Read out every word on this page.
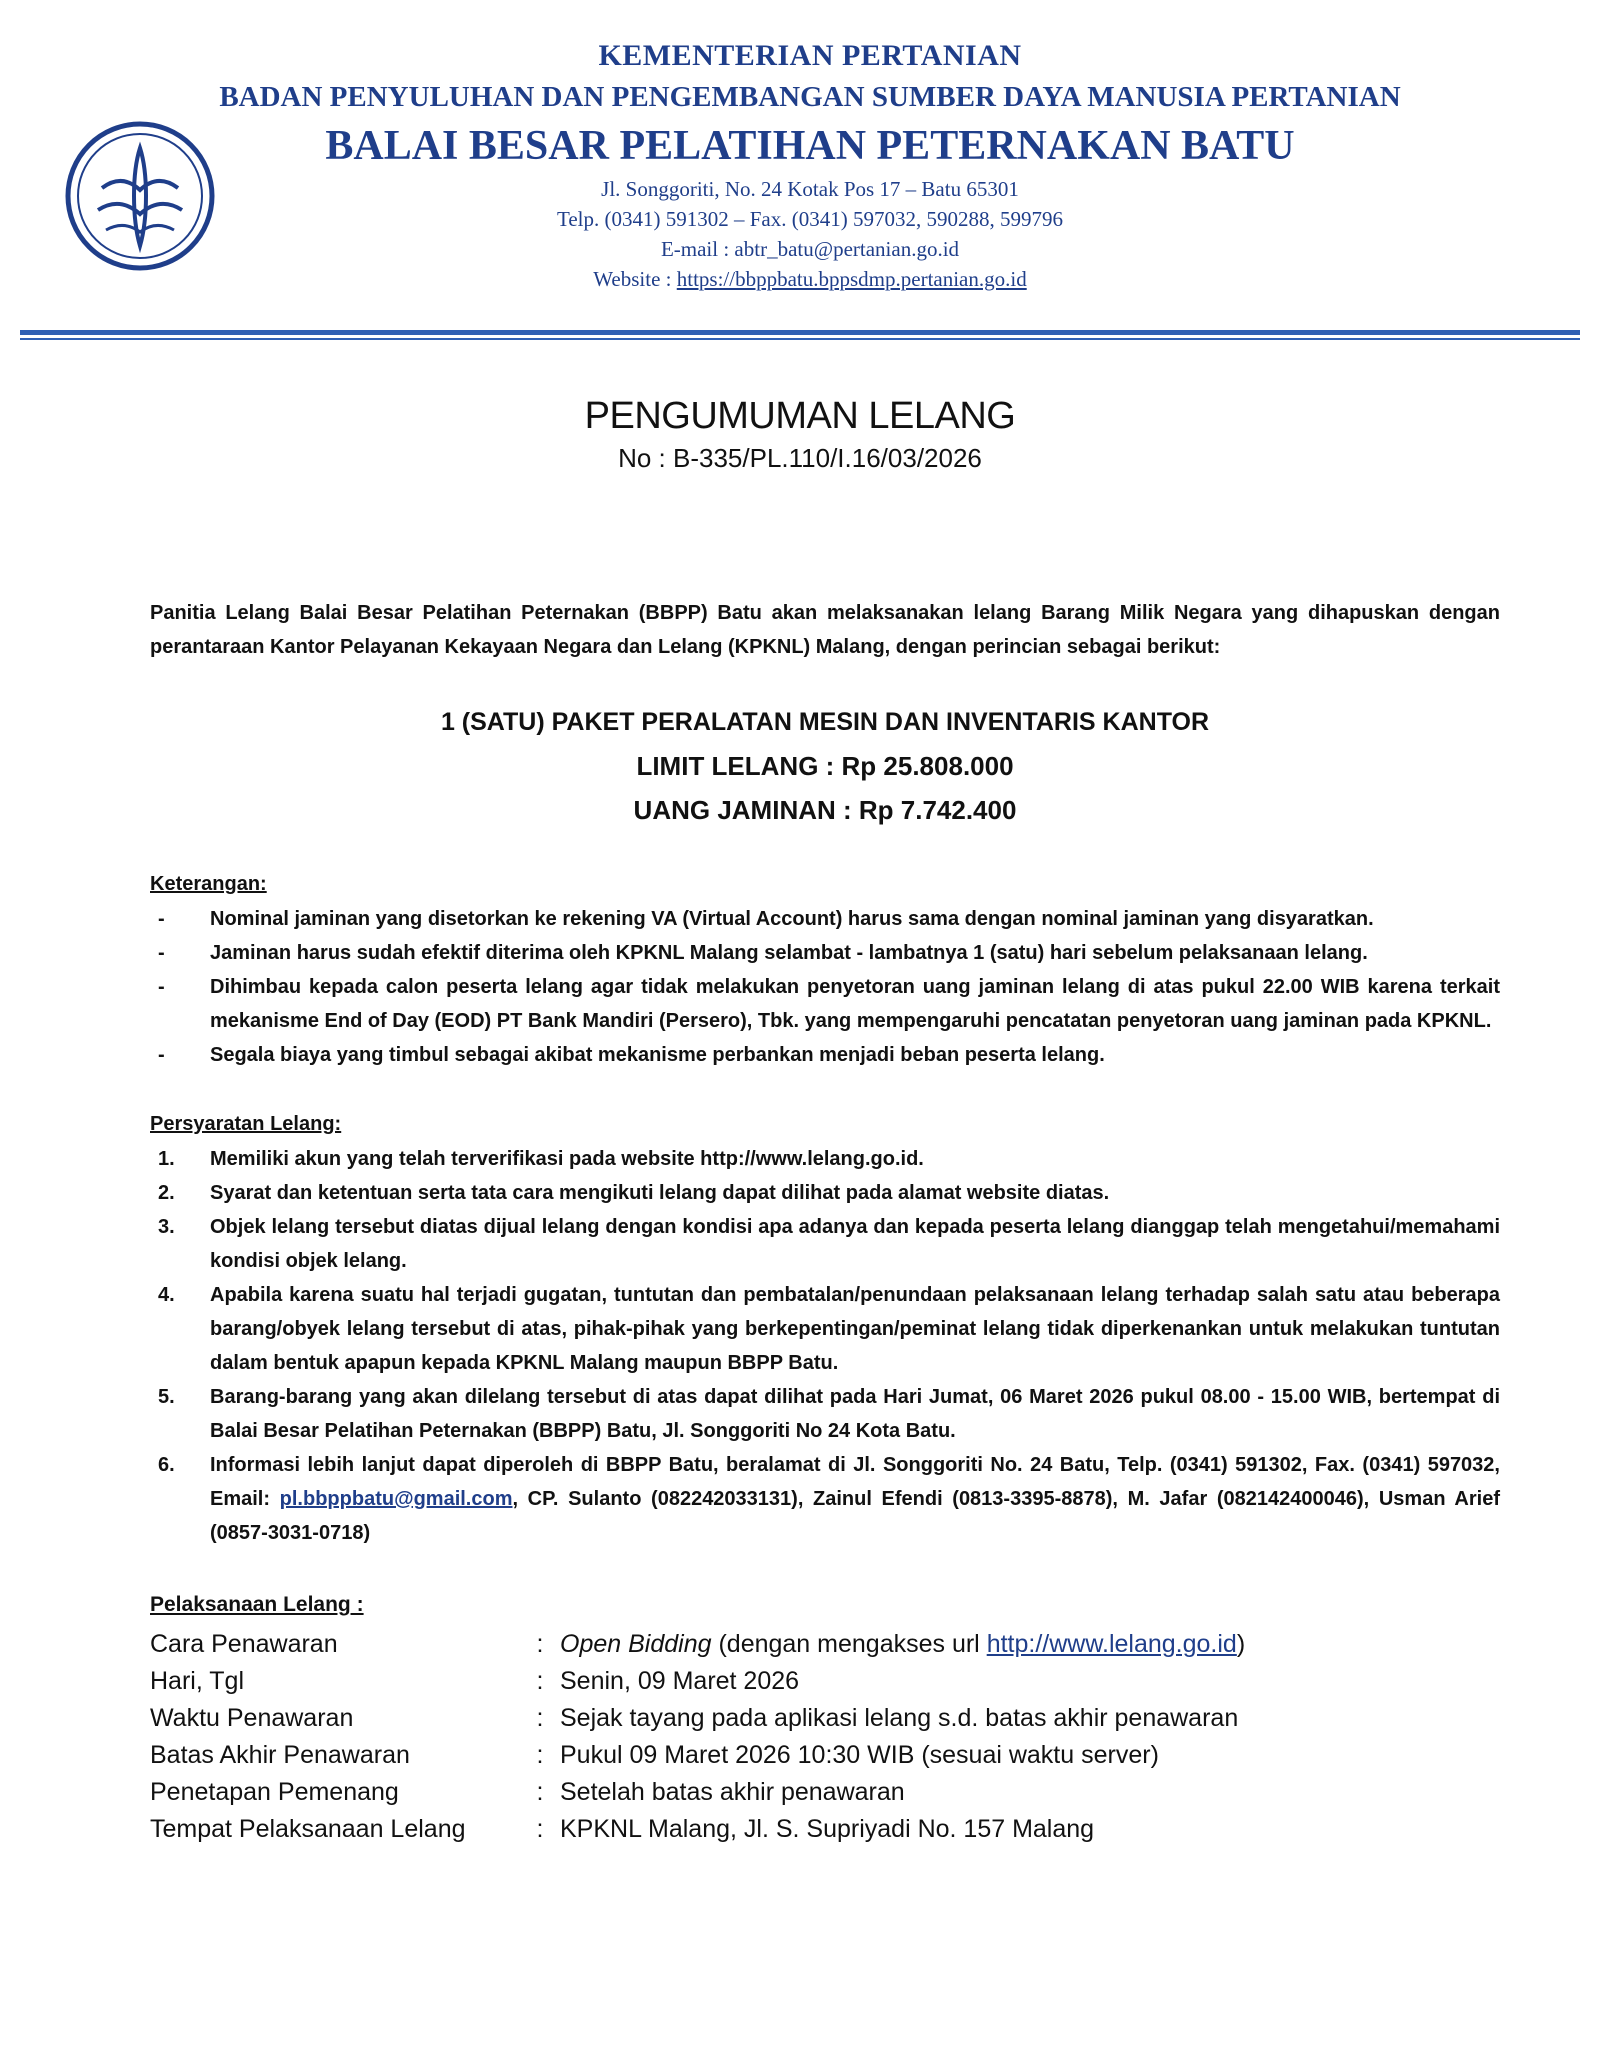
KEMENTERIAN PERTANIAN
BADAN PENYULUHAN DAN PENGEMBANGAN SUMBER DAYA MANUSIA PERTANIAN
BALAI BESAR PELATIHAN PETERNAKAN BATU
Jl. Songgoriti, No. 24 Kotak Pos 17 – Batu 65301
Telp. (0341) 591302 – Fax. (0341) 597032, 590288, 599796
E-mail : abtr_batu@pertanian.go.id
Website : https://bbppbatu.bppsdmp.pertanian.go.id
PENGUMUMAN LELANG
No : B-335/PL.110/I.16/03/2026

Panitia Lelang Balai Besar Pelatihan Peternakan (BBPP) Batu akan melaksanakan lelang Barang Milik Negara yang dihapuskan dengan perantaraan Kantor Pelayanan Kekayaan Negara dan Lelang (KPKNL) Malang, dengan perincian sebagai berikut:

1 (SATU) PAKET PERALATAN MESIN DAN INVENTARIS KANTOR
LIMIT LELANG : Rp 25.808.000
UANG JAMINAN : Rp 7.742.400
Keterangan:
- Nominal jaminan yang disetorkan ke rekening VA (Virtual Account) harus sama dengan nominal jaminan yang disyaratkan.
- Jaminan harus sudah efektif diterima oleh KPKNL Malang selambat - lambatnya 1 (satu) hari sebelum pelaksanaan lelang.
- Dihimbau kepada calon peserta lelang agar tidak melakukan penyetoran uang jaminan lelang di atas pukul 22.00 WIB karena terkait mekanisme End of Day (EOD) PT Bank Mandiri (Persero), Tbk. yang mempengaruhi pencatatan penyetoran uang jaminan pada KPKNL.
- Segala biaya yang timbul sebagai akibat mekanisme perbankan menjadi beban peserta lelang.
Persyaratan Lelang:
1. Memiliki akun yang telah terverifikasi pada website http://www.lelang.go.id.
2. Syarat dan ketentuan serta tata cara mengikuti lelang dapat dilihat pada alamat website diatas.
3. Objek lelang tersebut diatas dijual lelang dengan kondisi apa adanya dan kepada peserta lelang dianggap telah mengetahui/memahami kondisi objek lelang.
4. Apabila karena suatu hal terjadi gugatan, tuntutan dan pembatalan/penundaan pelaksanaan lelang terhadap salah satu atau beberapa barang/obyek lelang tersebut di atas, pihak-pihak yang berkepentingan/peminat lelang tidak diperkenankan untuk melakukan tuntutan dalam bentuk apapun kepada KPKNL Malang maupun BBPP Batu.
5. Barang-barang yang akan dilelang tersebut di atas dapat dilihat pada Hari Jumat, 06 Maret 2026 pukul 08.00 - 15.00 WIB, bertempat di Balai Besar Pelatihan Peternakan (BBPP) Batu, Jl. Songgoriti No 24 Kota Batu.
6. Informasi lebih lanjut dapat diperoleh di BBPP Batu, beralamat di Jl. Songgoriti No. 24 Batu, Telp. (0341) 591302, Fax. (0341) 597032, Email: pl.bbppbatu@gmail.com, CP. Sulanto (082242033131), Zainul Efendi (0813-3395-8878), M. Jafar (082142400046), Usman Arief (0857-3031-0718)
Pelaksanaan Lelang :
Cara Penawaran	:	Open Bidding (dengan mengakses url http://www.lelang.go.id)
Hari, Tgl	:	Senin, 09 Maret 2026
Waktu Penawaran	:	Sejak tayang pada aplikasi lelang s.d. batas akhir penawaran
Batas Akhir Penawaran	:	Pukul 09 Maret 2026 10:30 WIB (sesuai waktu server)
Penetapan Pemenang	:	Setelah batas akhir penawaran
Tempat Pelaksanaan Lelang	:	KPKNL Malang, Jl. S. Supriyadi No. 157 Malang
